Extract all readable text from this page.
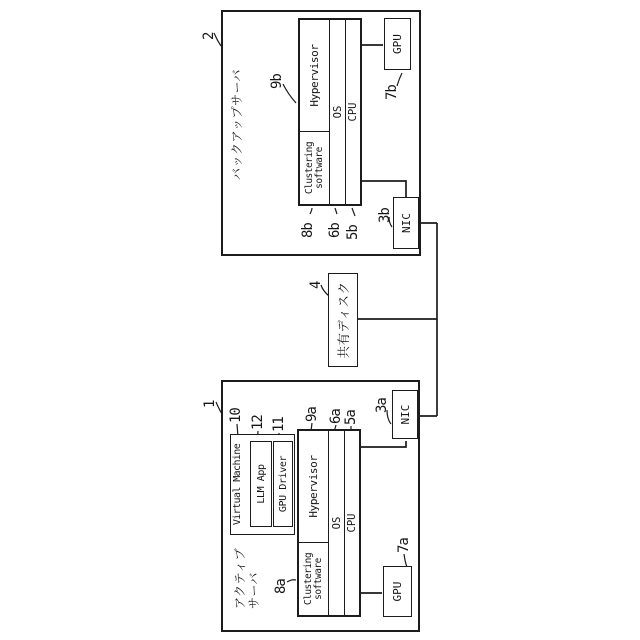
アクティブ サーバ
Virtual Machine	LLM App	GPU Driver
Clustering software
Hypervisor
OS CPU
GPU
NIC
バックアップサーバ	Clustering software
Hypervisor
OS CPU
GPU
NIC
共有ディスク
1
10 12 11
9a 6a 5a
3a
8a
7a
4
2
9b
8b 6b 5b
7b
3b
